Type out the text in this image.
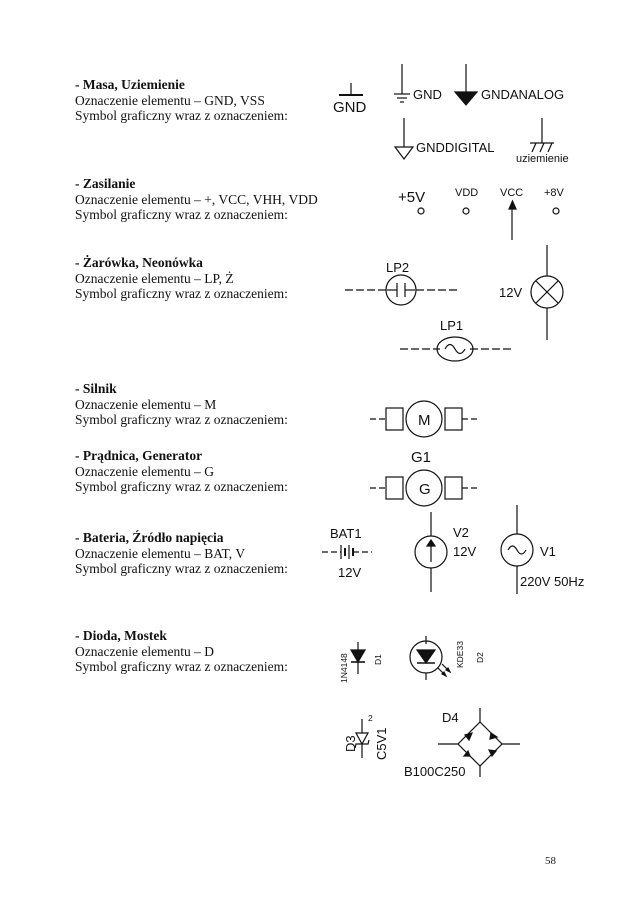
- Masa, Uziemienie
Oznaczenie elementu – GND, VSS
Symbol graficzny wraz z oznaczeniem:
- Zasilanie
Oznaczenie elementu – +, VCC, VHH, VDD
Symbol graficzny wraz z oznaczeniem:
- Żarówka, Neonówka
Oznaczenie elementu – LP, Ż
Symbol graficzny wraz z oznaczeniem:
- Silnik
Oznaczenie elementu – M
Symbol graficzny wraz z oznaczeniem:
- Prądnica, Generator
Oznaczenie elementu – G
Symbol graficzny wraz z oznaczeniem:
- Bateria, Źródło napięcia
Oznaczenie elementu – BAT, V
Symbol graficzny wraz z oznaczeniem:
- Dioda, Mostek
Oznaczenie elementu – D
Symbol graficzny wraz z oznaczeniem:
GND
GND	GNDANALOG
GNDDIGITAL
uziemienie
+5V	VDD VCC +8V
LP2
LP1
12V
M
G1
G
BAT1
12V
V2
12V	V1
220V 50Hz
1N4148	D1	KDE33 D2
2
D3 C5V1
D4
B100C250
58
